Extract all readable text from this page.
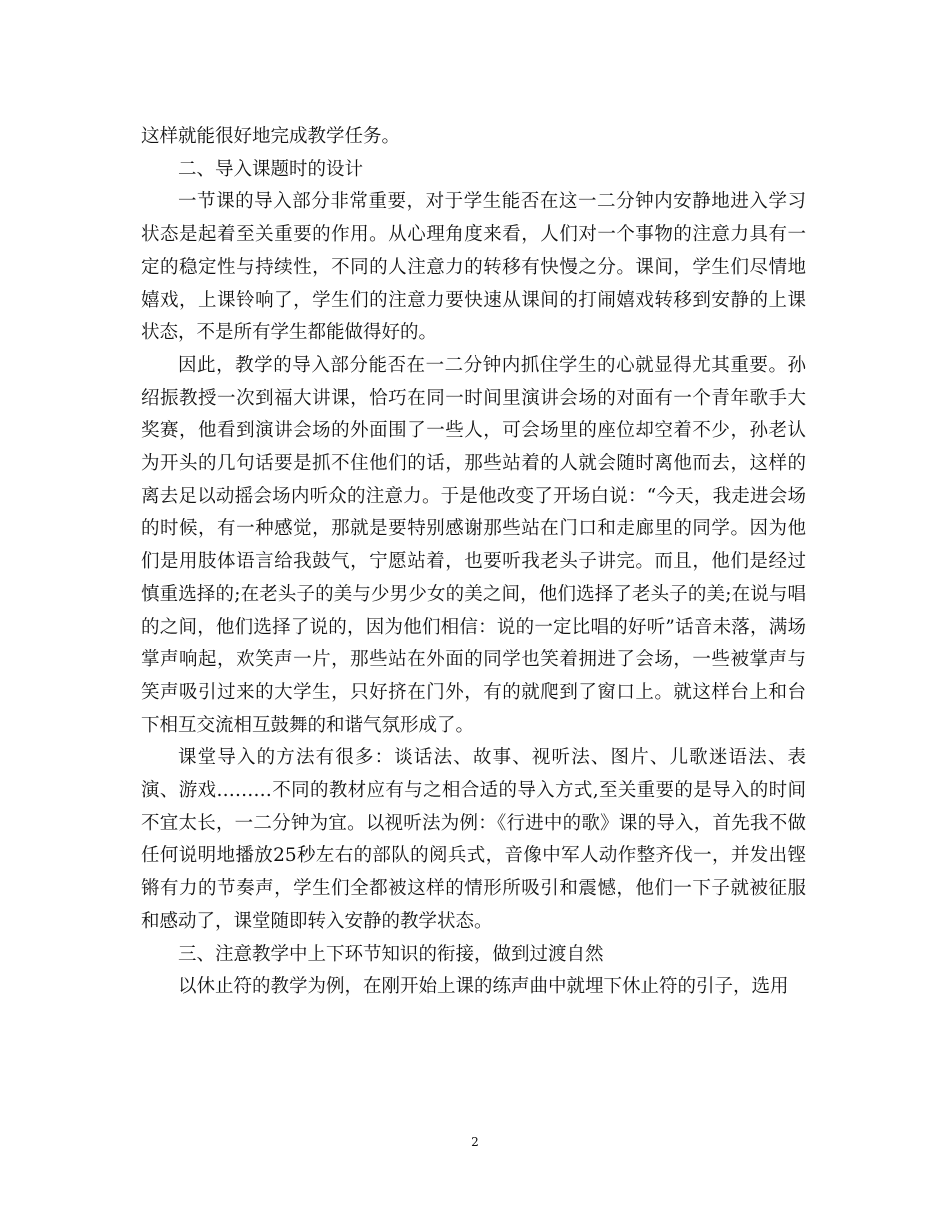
这样就能很好地完成教学任务。

二、导入课题时的设计

一节课的导入部分非常重要，对于学生能否在这一二分钟内安静地进入学习状态是起着至关重要的作用。从心理角度来看，人们对一个事物的注意力具有一定的稳定性与持续性，不同的人注意力的转移有快慢之分。课间，学生们尽情地嬉戏，上课铃响了，学生们的注意力要快速从课间的打闹嬉戏转移到安静的上课状态，不是所有学生都能做得好的。

因此，教学的导入部分能否在一二分钟内抓住学生的心就显得尤其重要。孙绍振教授一次到福大讲课，恰巧在同一时间里演讲会场的对面有一个青年歌手大奖赛，他看到演讲会场的外面围了一些人，可会场里的座位却空着不少，孙老认为开头的几句话要是抓不住他们的话，那些站着的人就会随时离他而去，这样的离去足以动摇会场内听众的注意力。于是他改变了开场白说：“今天，我走进会场的时候，有一种感觉，那就是要特别感谢那些站在门口和走廊里的同学。因为他们是用肢体语言给我鼓气，宁愿站着，也要听我老头子讲完。而且，他们是经过慎重选择的;在老头子的美与少男少女的美之间，他们选择了老头子的美;在说与唱的之间，他们选择了说的，因为他们相信：说的一定比唱的好听”话音未落，满场掌声响起，欢笑声一片，那些站在外面的同学也笑着拥进了会场，一些被掌声与笑声吸引过来的大学生，只好挤在门外，有的就爬到了窗口上。就这样台上和台下相互交流相互鼓舞的和谐气氛形成了。

课堂导入的方法有很多：谈话法、故事、视听法、图片、儿歌迷语法、表演、游戏………不同的教材应有与之相合适的导入方式,至关重要的是导入的时间不宜太长，一二分钟为宜。以视听法为例：《行进中的歌》课的导入，首先我不做任何说明地播放25秒左右的部队的阅兵式，音像中军人动作整齐伐一，并发出铿锵有力的节奏声，学生们全都被这样的情形所吸引和震憾，他们一下子就被征服和感动了，课堂随即转入安静的教学状态。

三、注意教学中上下环节知识的衔接，做到过渡自然

以休止符的教学为例，在刚开始上课的练声曲中就埋下休止符的引子，选用

2
